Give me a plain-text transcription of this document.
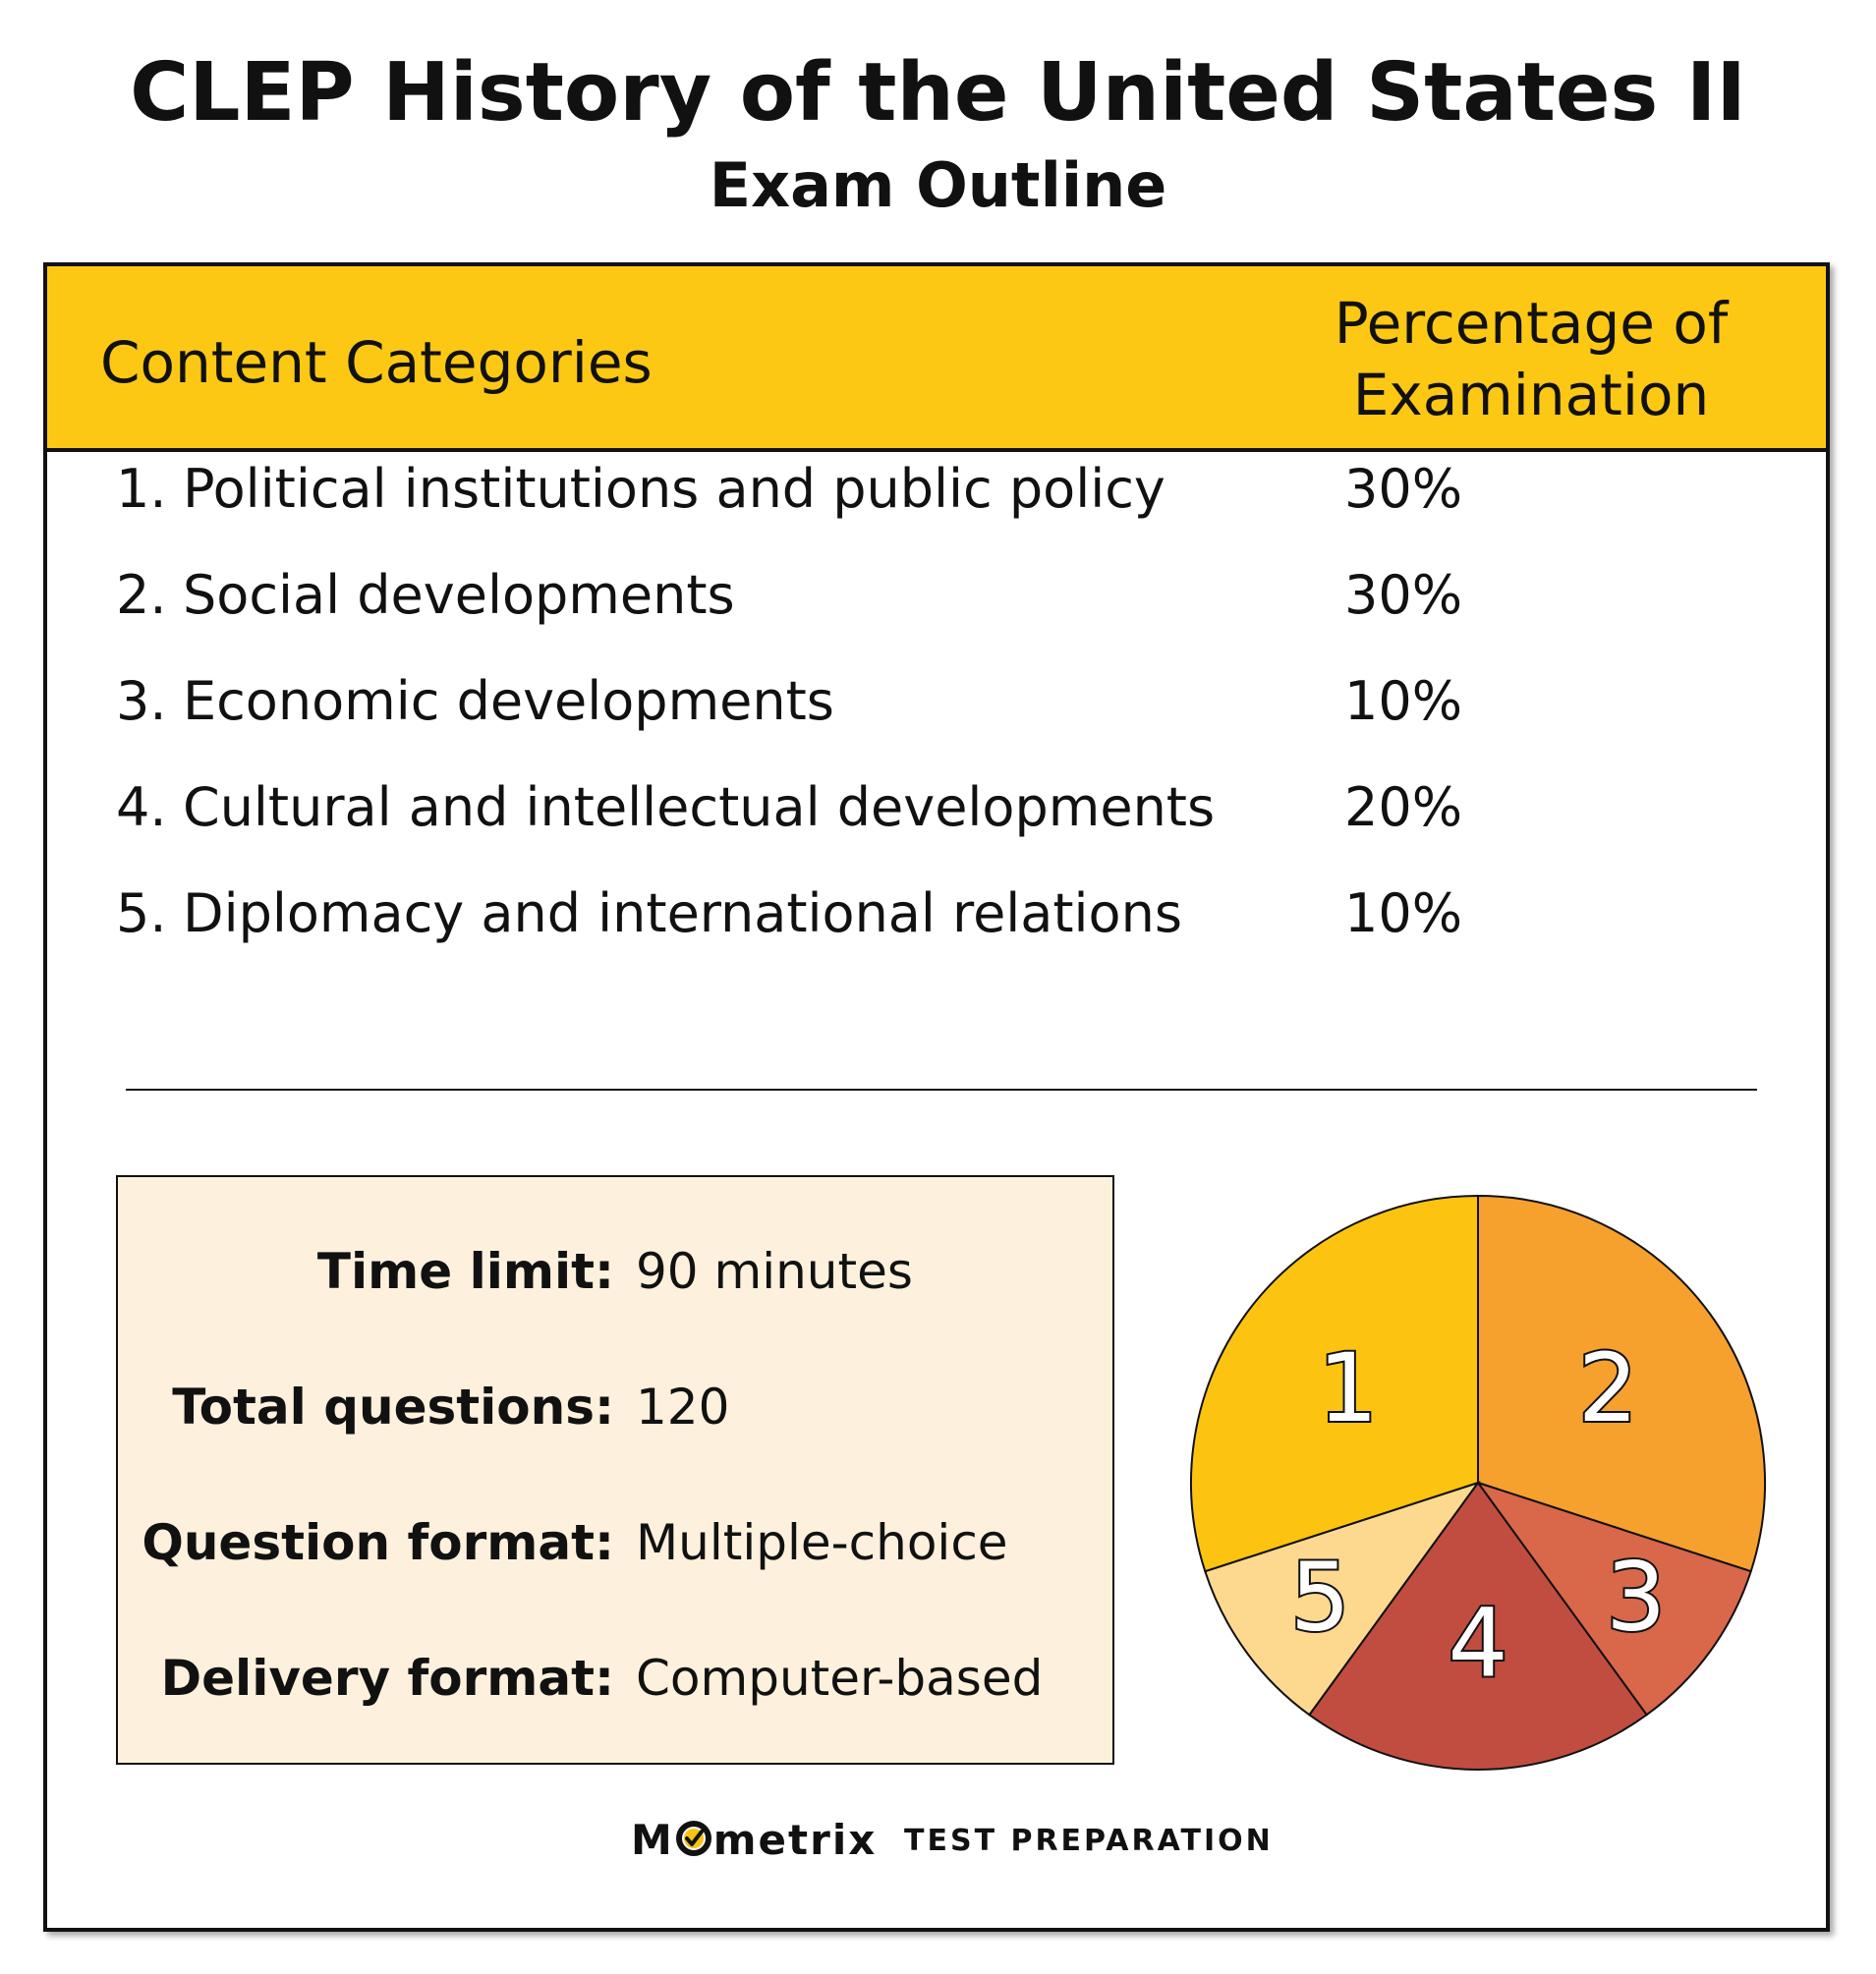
CLEP History of the United States II
Exam Outline
Content Categories
Percentage of
Examination
1. Political institutions and public policy	30%
2. Social developments	30%
3. Economic developments	10%
4. Cultural and intellectual developments	20%
5. Diplomacy and international relations	10%
Time limit: 90 minutes
Total questions: 120
Question format: Multiple-choice
Delivery format: Computer-based
2
3
4
5
1
M metrix TEST PREPARATION
